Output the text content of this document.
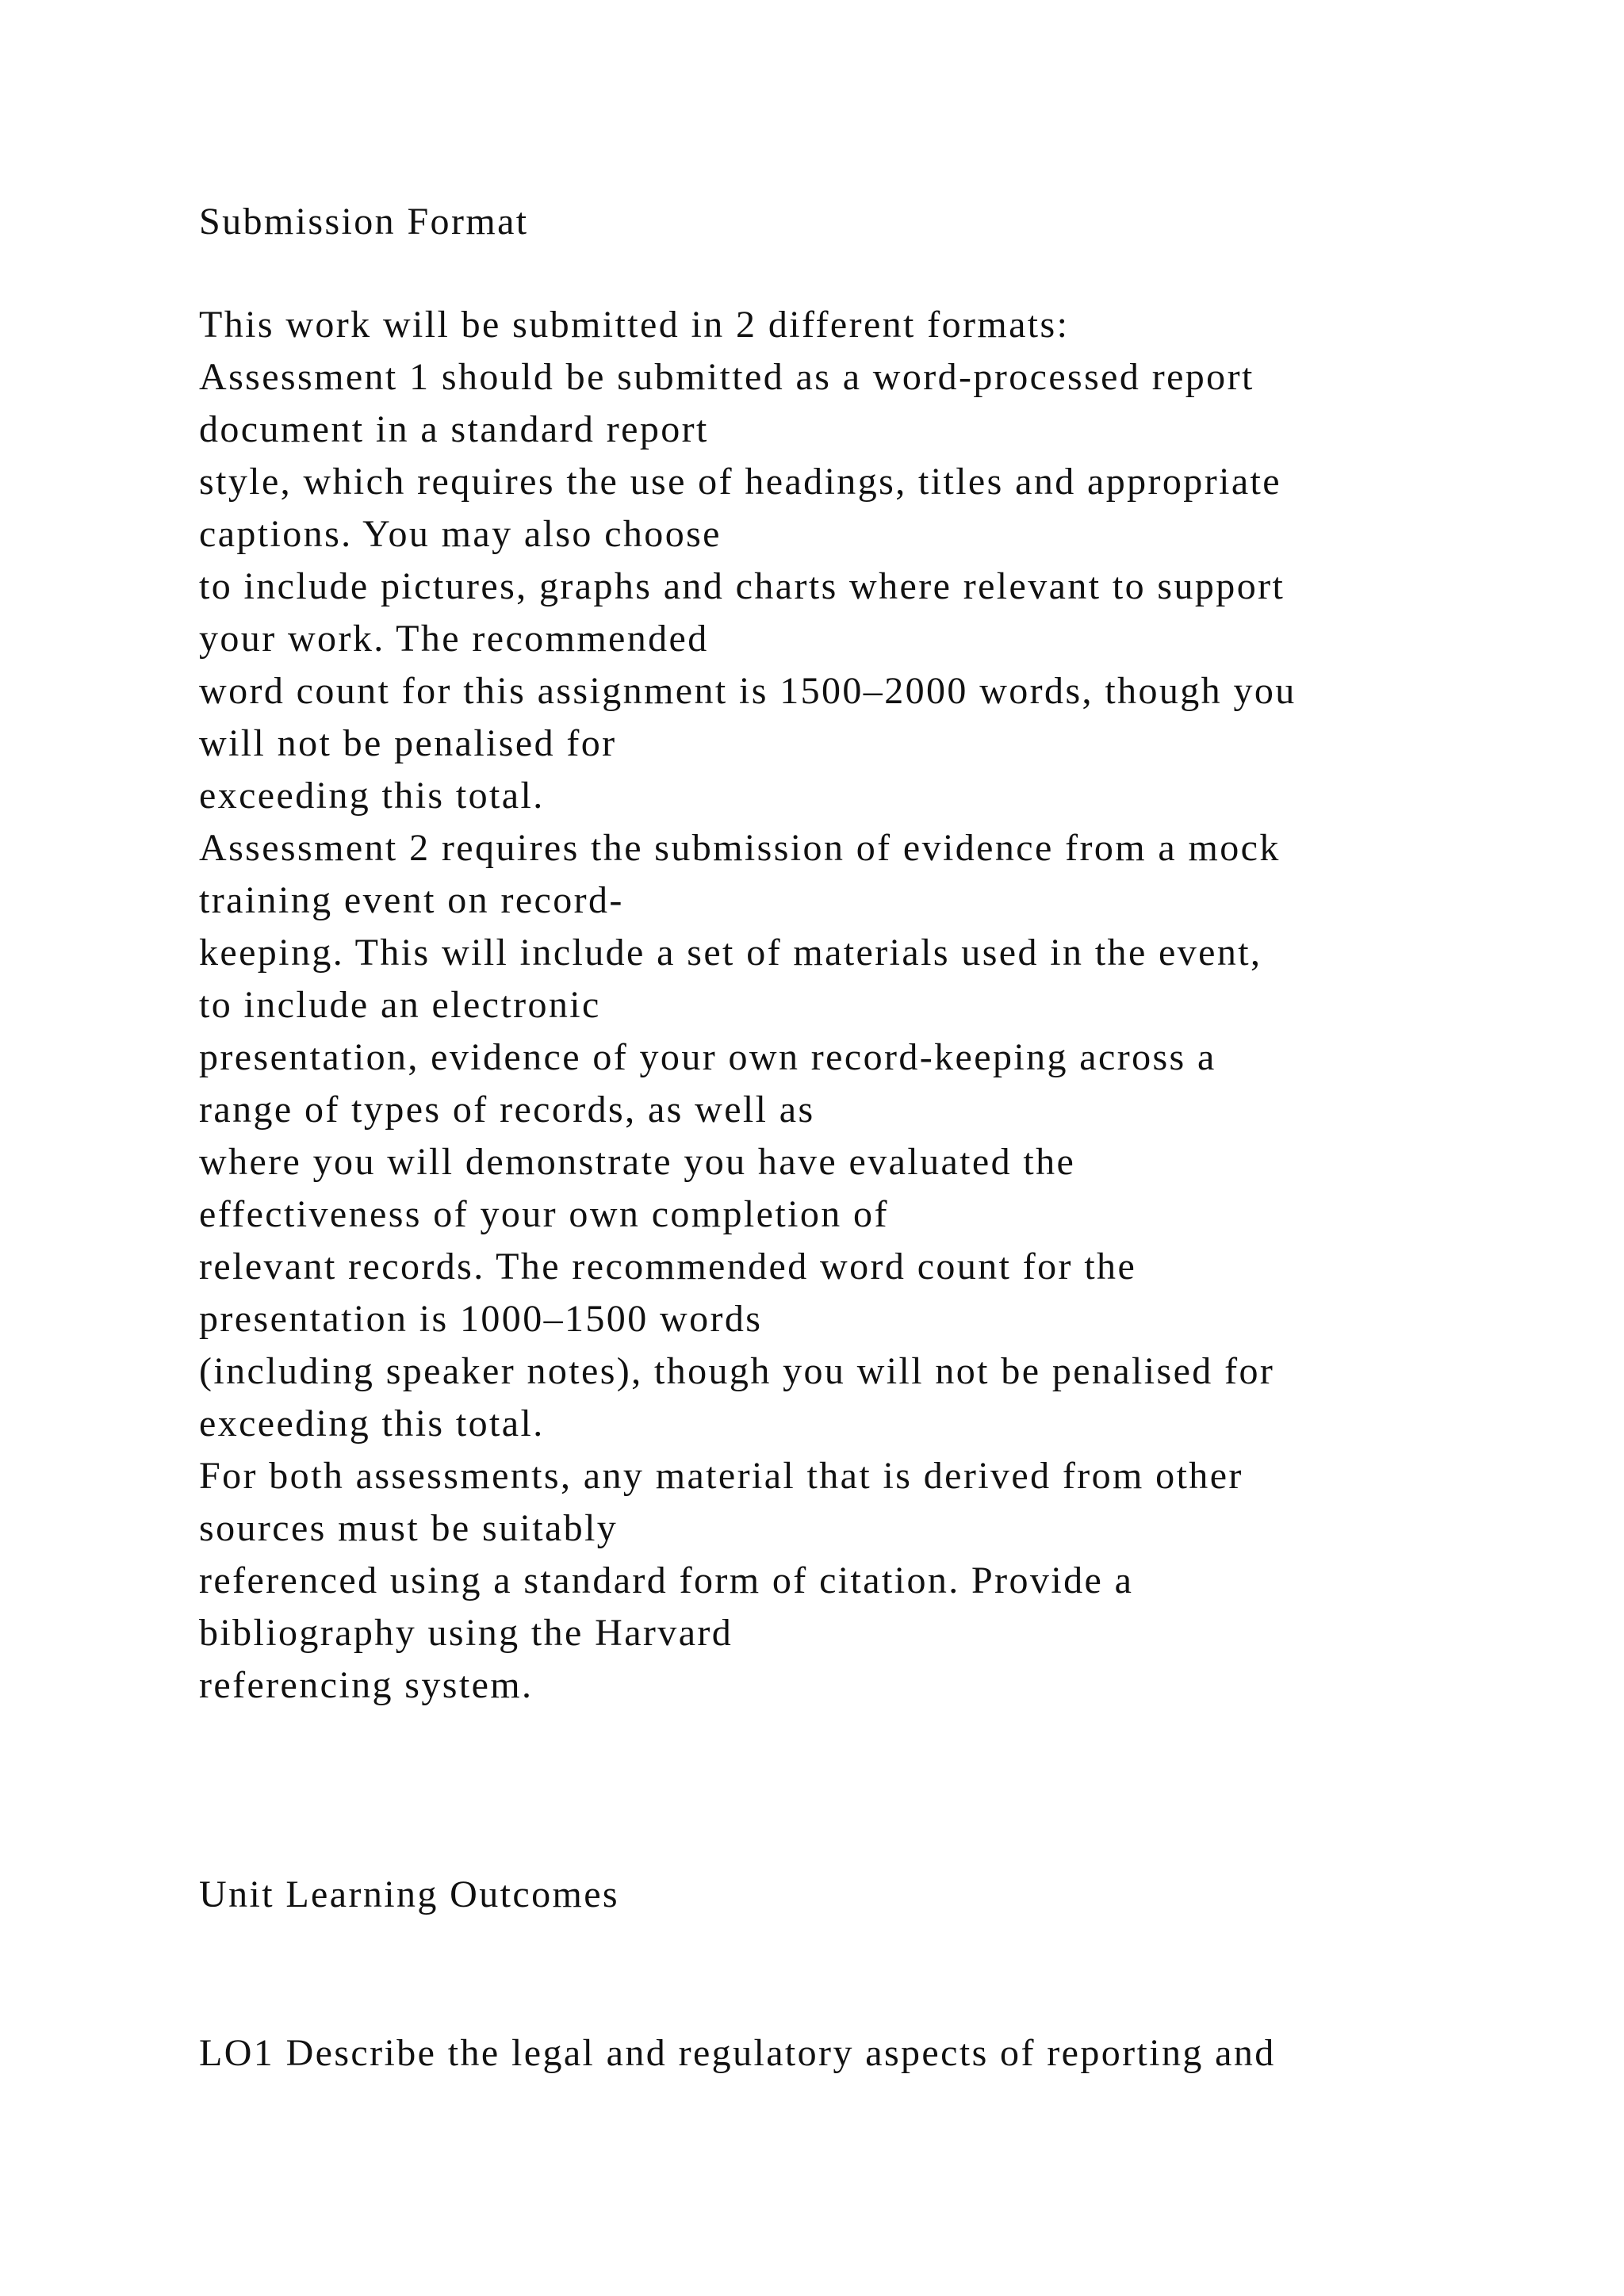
Submission Format

This work will be submitted in 2 different formats:

Assessment 1 should be submitted as a word-processed report

document in a standard report

style, which requires the use of headings, titles and appropriate

captions. You may also choose

to include pictures, graphs and charts where relevant to support

your work. The recommended

word count for this assignment is 1500–2000 words, though you

will not be penalised for

exceeding this total.

Assessment 2 requires the submission of evidence from a mock

training event on record-

keeping. This will include a set of materials used in the event,

to include an electronic

presentation, evidence of your own record-keeping across a

range of types of records, as well as

where you will demonstrate you have evaluated the

effectiveness of your own completion of

relevant records. The recommended word count for the

presentation is 1000–1500 words

(including speaker notes), though you will not be penalised for

exceeding this total.

For both assessments, any material that is derived from other

sources must be suitably

referenced using a standard form of citation. Provide a

bibliography using the Harvard

referencing system.

Unit Learning Outcomes

LO1 Describe the legal and regulatory aspects of reporting and
